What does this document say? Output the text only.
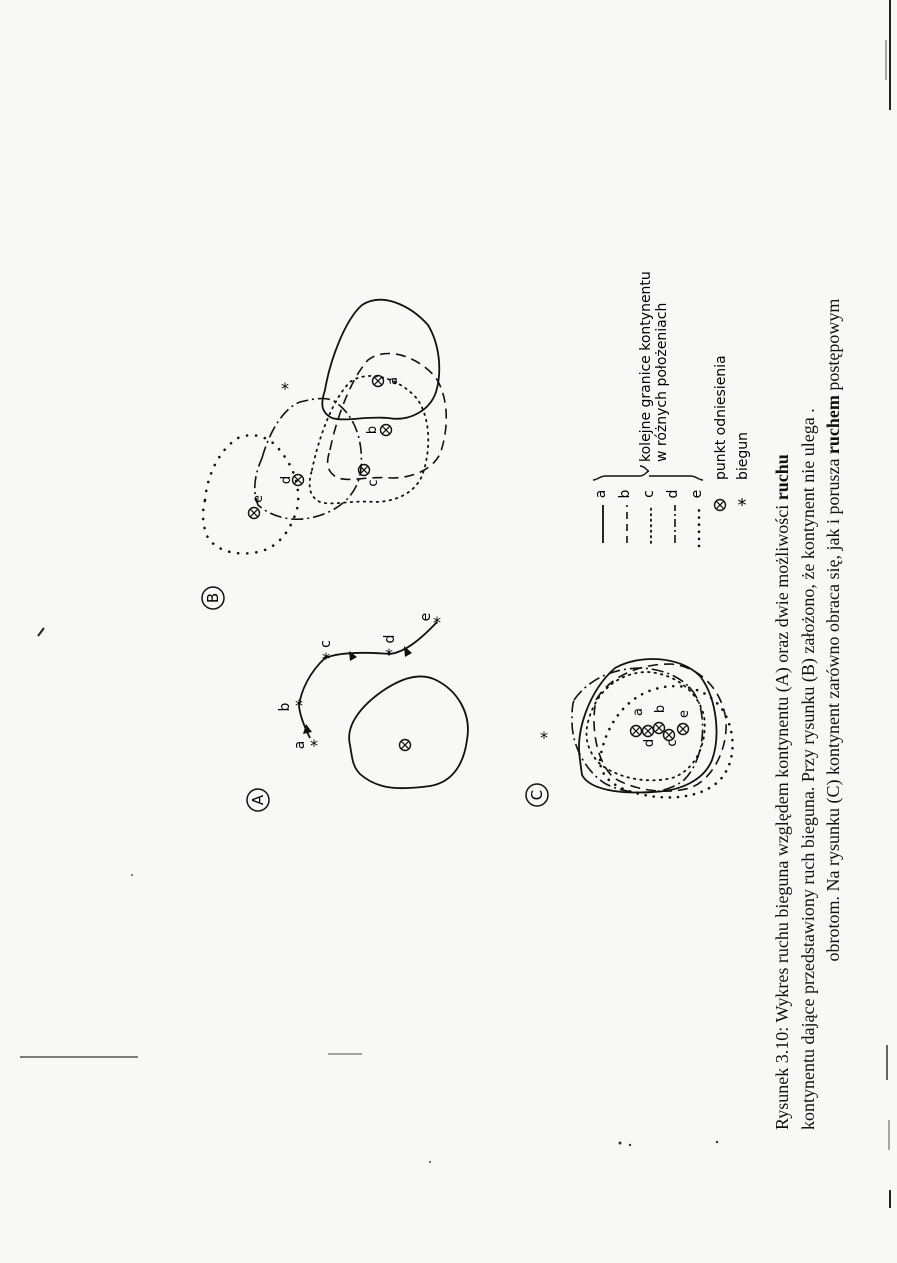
A
*
*
*	*
*
a
b
c
d
e
B
a
b
c
d
e
*
C
*
a b
c
d
e
a b c d e
kolejne granice kontynentu w różnych położeniach
*
punkt odniesienia biegun

Rysunek 3.10: Wykres ruchu bieguna względem kontynentu (A) oraz dwie możliwości ruchu kontynentu dające przedstawiony ruch bieguna. Przy rysunku (B) założono, że kontynent nie ulega . obrotom. Na rysunku (C) kontynent zarówno obraca się, jak i porusza ruchem postępowym
